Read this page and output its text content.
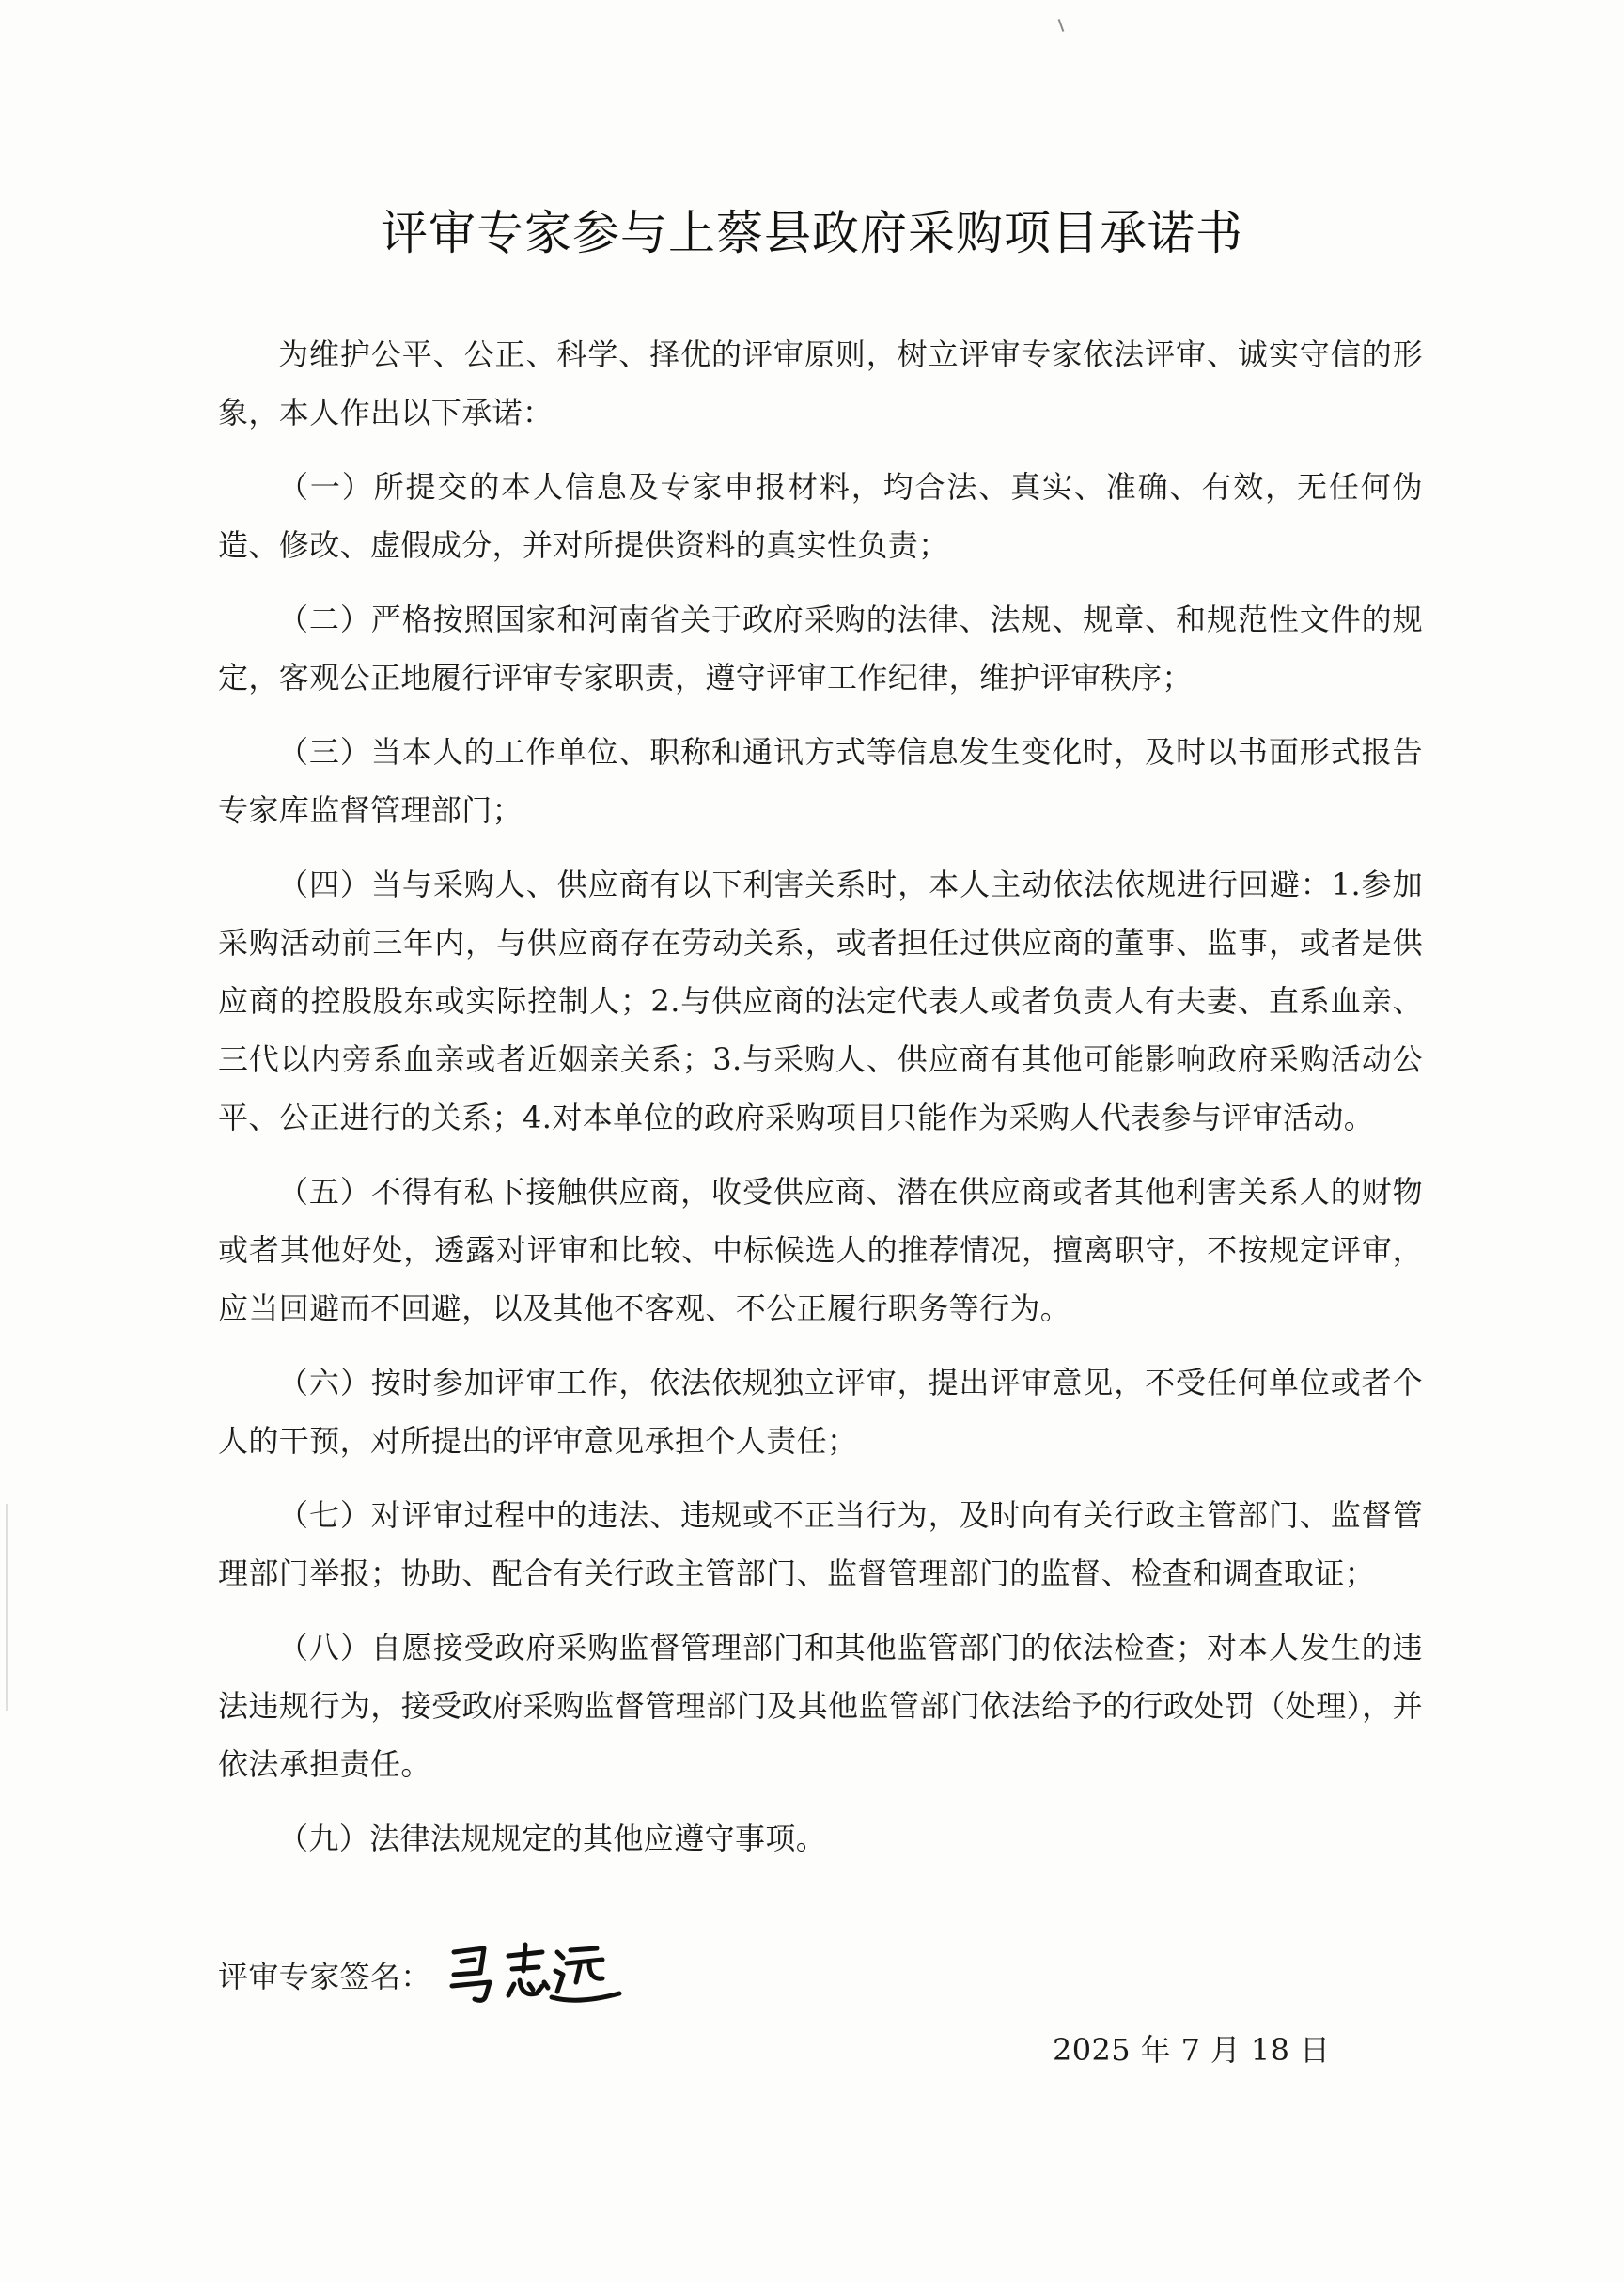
评审专家参与上蔡县政府采购项目承诺书

为维护公平、公正、科学、择优的评审原则，树立评审专家依法评审、诚实守信的形象，本人作出以下承诺：

（一）所提交的本人信息及专家申报材料，均合法、真实、准确、有效，无任何伪造、修改、虚假成分，并对所提供资料的真实性负责；

（二）严格按照国家和河南省关于政府采购的法律、法规、规章、和规范性文件的规定，客观公正地履行评审专家职责，遵守评审工作纪律，维护评审秩序；

（三）当本人的工作单位、职称和通讯方式等信息发生变化时，及时以书面形式报告专家库监督管理部门；

（四）当与采购人、供应商有以下利害关系时，本人主动依法依规进行回避：1.参加采购活动前三年内，与供应商存在劳动关系，或者担任过供应商的董事、监事，或者是供应商的控股股东或实际控制人；2.与供应商的法定代表人或者负责人有夫妻、直系血亲、三代以内旁系血亲或者近姻亲关系；3.与采购人、供应商有其他可能影响政府采购活动公平、公正进行的关系；4.对本单位的政府采购项目只能作为采购人代表参与评审活动。

（五）不得有私下接触供应商，收受供应商、潜在供应商或者其他利害关系人的财物或者其他好处，透露对评审和比较、中标候选人的推荐情况，擅离职守，不按规定评审，应当回避而不回避，以及其他不客观、不公正履行职务等行为。

（六）按时参加评审工作，依法依规独立评审，提出评审意见，不受任何单位或者个人的干预，对所提出的评审意见承担个人责任；

（七）对评审过程中的违法、违规或不正当行为，及时向有关行政主管部门、监督管理部门举报；协助、配合有关行政主管部门、监督管理部门的监督、检查和调查取证；

（八）自愿接受政府采购监督管理部门和其他监管部门的依法检查；对本人发生的违法违规行为，接受政府采购监督管理部门及其他监管部门依法给予的行政处罚（处理），并依法承担责任。

（九）法律法规规定的其他应遵守事项。

评审专家签名：
2025 年 7 月 18 日
